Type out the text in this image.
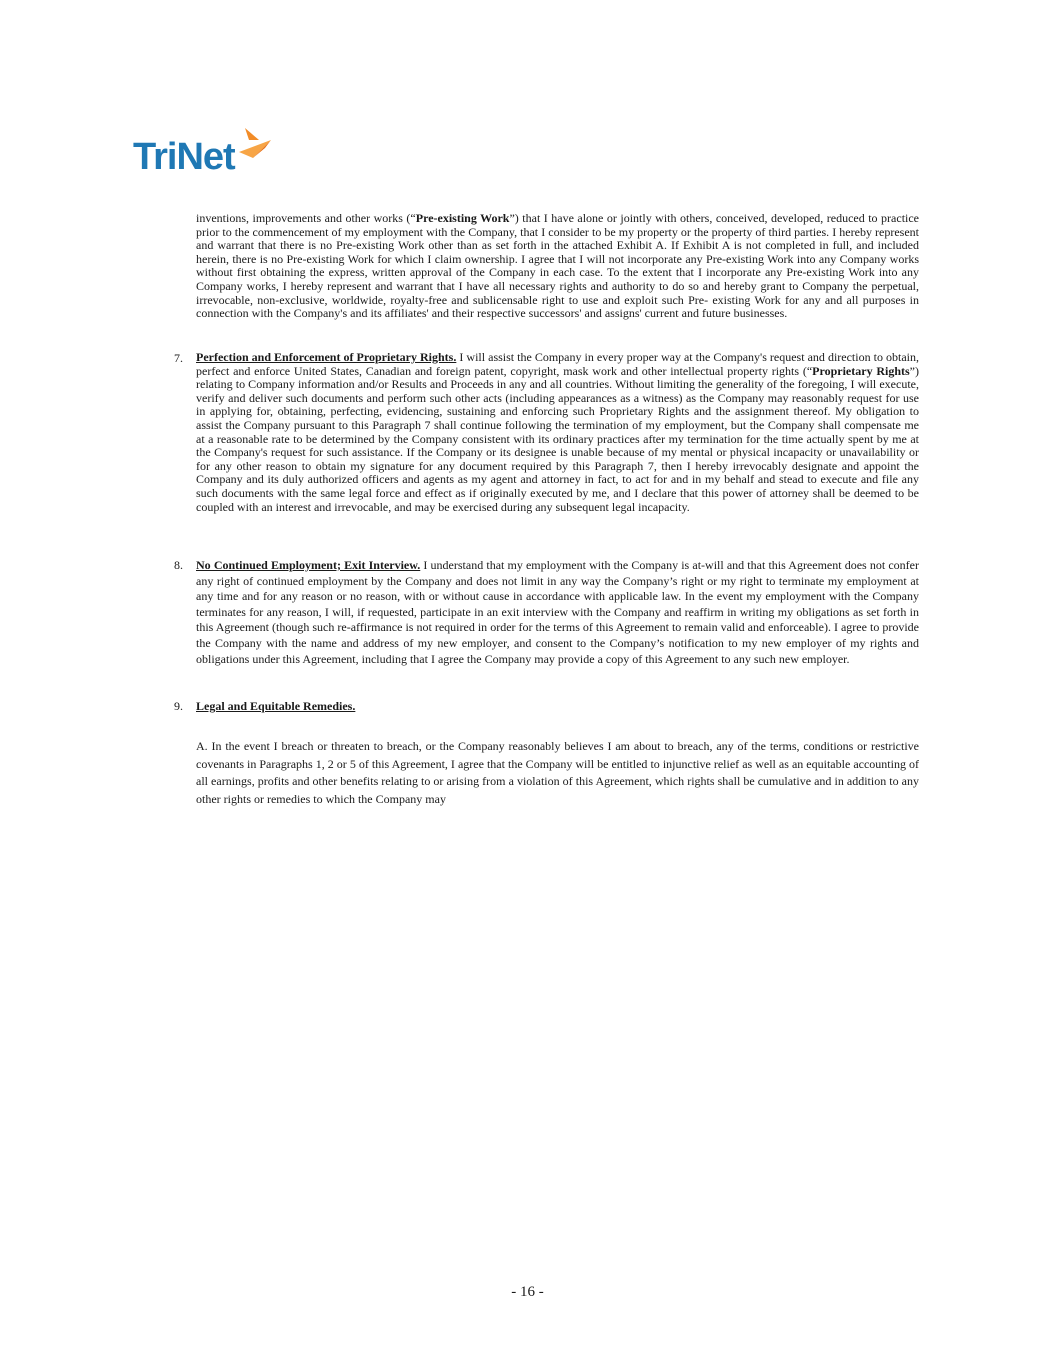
TriNet
inventions, improvements and other works (“Pre-existing Work”) that I have alone or jointly with others, conceived, developed, reduced to practice prior to the commencement of my employment with the Company, that I consider to be my property or the property of third parties. I hereby represent and warrant that there is no Pre-existing Work other than as set forth in the attached Exhibit A. If Exhibit A is not completed in full, and included herein, there is no Pre-existing Work for which I claim ownership. I agree that I will not incorporate any Pre-existing Work into any Company works without first obtaining the express, written approval of the Company in each case. To the extent that I incorporate any Pre-existing Work into any Company works, I hereby represent and warrant that I have all necessary rights and authority to do so and hereby grant to Company the perpetual, irrevocable, non-exclusive, worldwide, royalty-free and sublicensable right to use and exploit such Pre- existing Work for any and all purposes in connection with the Company's and its affiliates' and their respective successors' and assigns' current and future businesses.
7. Perfection and Enforcement of Proprietary Rights. I will assist the Company in every proper way at the Company's request and direction to obtain, perfect and enforce United States, Canadian and foreign patent, copyright, mask work and other intellectual property rights (“Proprietary Rights”) relating to Company information and/or Results and Proceeds in any and all countries. Without limiting the generality of the foregoing, I will execute, verify and deliver such documents and perform such other acts (including appearances as a witness) as the Company may reasonably request for use in applying for, obtaining, perfecting, evidencing, sustaining and enforcing such Proprietary Rights and the assignment thereof. My obligation to assist the Company pursuant to this Paragraph 7 shall continue following the termination of my employment, but the Company shall compensate me at a reasonable rate to be determined by the Company consistent with its ordinary practices after my termination for the time actually spent by me at the Company's request for such assistance. If the Company or its designee is unable because of my mental or physical incapacity or unavailability or for any other reason to obtain my signature for any document required by this Paragraph 7, then I hereby irrevocably designate and appoint the Company and its duly authorized officers and agents as my agent and attorney in fact, to act for and in my behalf and stead to execute and file any such documents with the same legal force and effect as if originally executed by me, and I declare that this power of attorney shall be deemed to be coupled with an interest and irrevocable, and may be exercised during any subsequent legal incapacity.
8. No Continued Employment; Exit Interview. I understand that my employment with the Company is at-will and that this Agreement does not confer any right of continued employment by the Company and does not limit in any way the Company’s right or my right to terminate my employment at any time and for any reason or no reason, with or without cause in accordance with applicable law. In the event my employment with the Company terminates for any reason, I will, if requested, participate in an exit interview with the Company and reaffirm in writing my obligations as set forth in this Agreement (though such re-affirmance is not required in order for the terms of this Agreement to remain valid and enforceable). I agree to provide the Company with the name and address of my new employer, and consent to the Company’s notification to my new employer of my rights and obligations under this Agreement, including that I agree the Company may provide a copy of this Agreement to any such new employer.
9. Legal and Equitable Remedies.
A. In the event I breach or threaten to breach, or the Company reasonably believes I am about to breach, any of the terms, conditions or restrictive covenants in Paragraphs 1, 2 or 5 of this Agreement, I agree that the Company will be entitled to injunctive relief as well as an equitable accounting of all earnings, profits and other benefits relating to or arising from a violation of this Agreement, which rights shall be cumulative and in addition to any other rights or remedies to which the Company may
- 16 -
